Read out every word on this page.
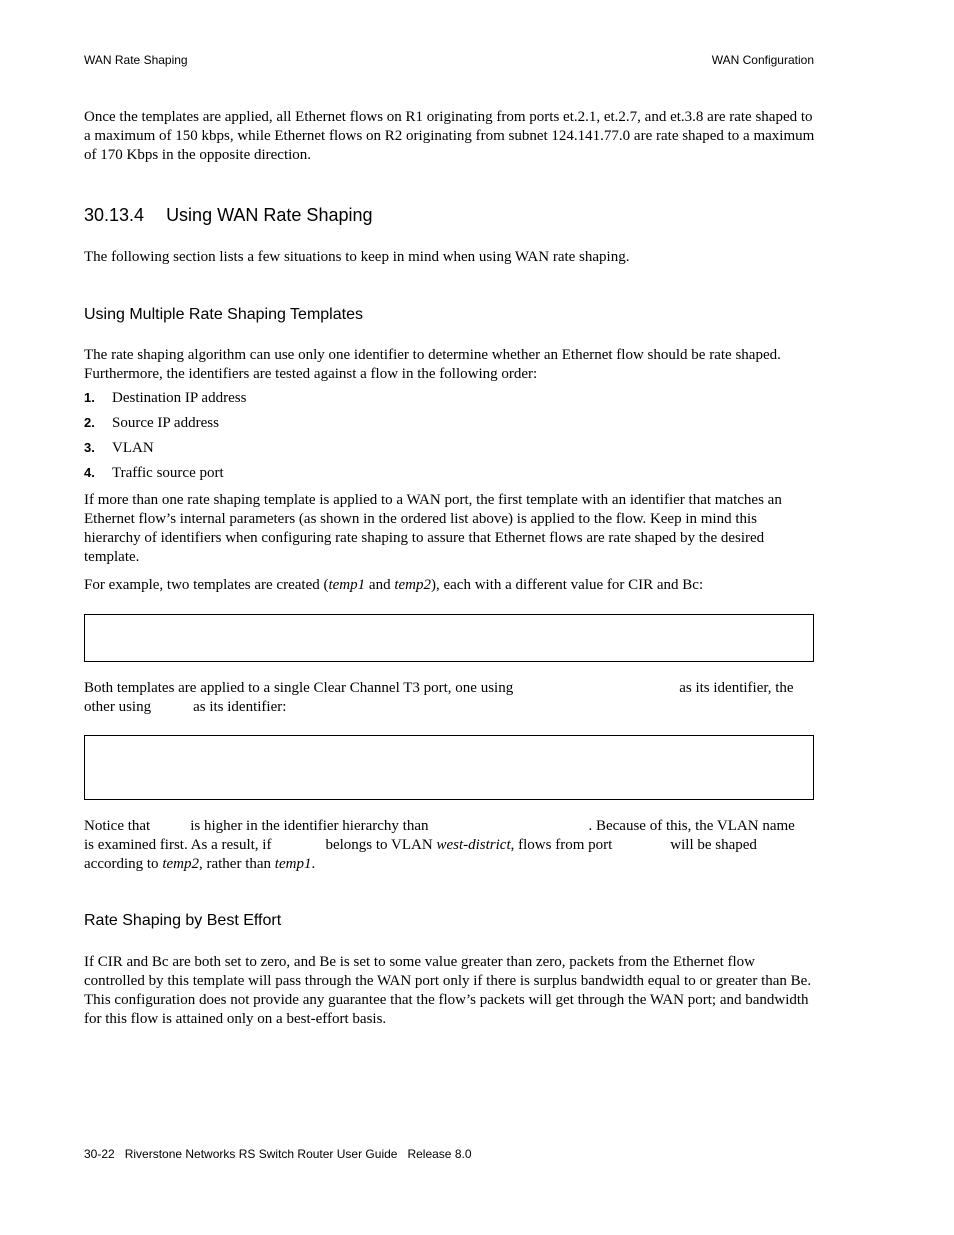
WAN Rate Shaping	WAN Configuration
Once the templates are applied, all Ethernet flows on R1 originating from ports et.2.1, et.2.7, and et.3.8 are rate shaped to a maximum of 150 kbps, while Ethernet flows on R2 originating from subnet 124.141.77.0 are rate shaped to a maximum of 170 Kbps in the opposite direction.
30.13.4 Using WAN Rate Shaping
The following section lists a few situations to keep in mind when using WAN rate shaping.
Using Multiple Rate Shaping Templates
The rate shaping algorithm can use only one identifier to determine whether an Ethernet flow should be rate shaped. Furthermore, the identifiers are tested against a flow in the following order:
1. Destination IP address
2. Source IP address
3. VLAN
4. Traffic source port
If more than one rate shaping template is applied to a WAN port, the first template with an identifier that matches an Ethernet flow’s internal parameters (as shown in the ordered list above) is applied to the flow. Keep in mind this hierarchy of identifiers when configuring rate shaping to assure that Ethernet flows are rate shaped by the desired template.
For example, two templates are created (temp1 and temp2), each with a different value for CIR and Bc:
Both templates are applied to a single Clear Channel T3 port, one using	as its identifier, the
other using	as its identifier:
Notice that	is higher in the identifier hierarchy than	. Because of this, the VLAN name
is examined first. As a result, if	belongs to VLAN west-district, flows from port	will be shaped
according to temp2, rather than temp1.
Rate Shaping by Best Effort
If CIR and Bc are both set to zero, and Be is set to some value greater than zero, packets from the Ethernet flow controlled by this template will pass through the WAN port only if there is surplus bandwidth equal to or greater than Be. This configuration does not provide any guarantee that the flow’s packets will get through the WAN port; and bandwidth for this flow is attained only on a best-effort basis.
30-22   Riverstone Networks RS Switch Router User Guide   Release 8.0
